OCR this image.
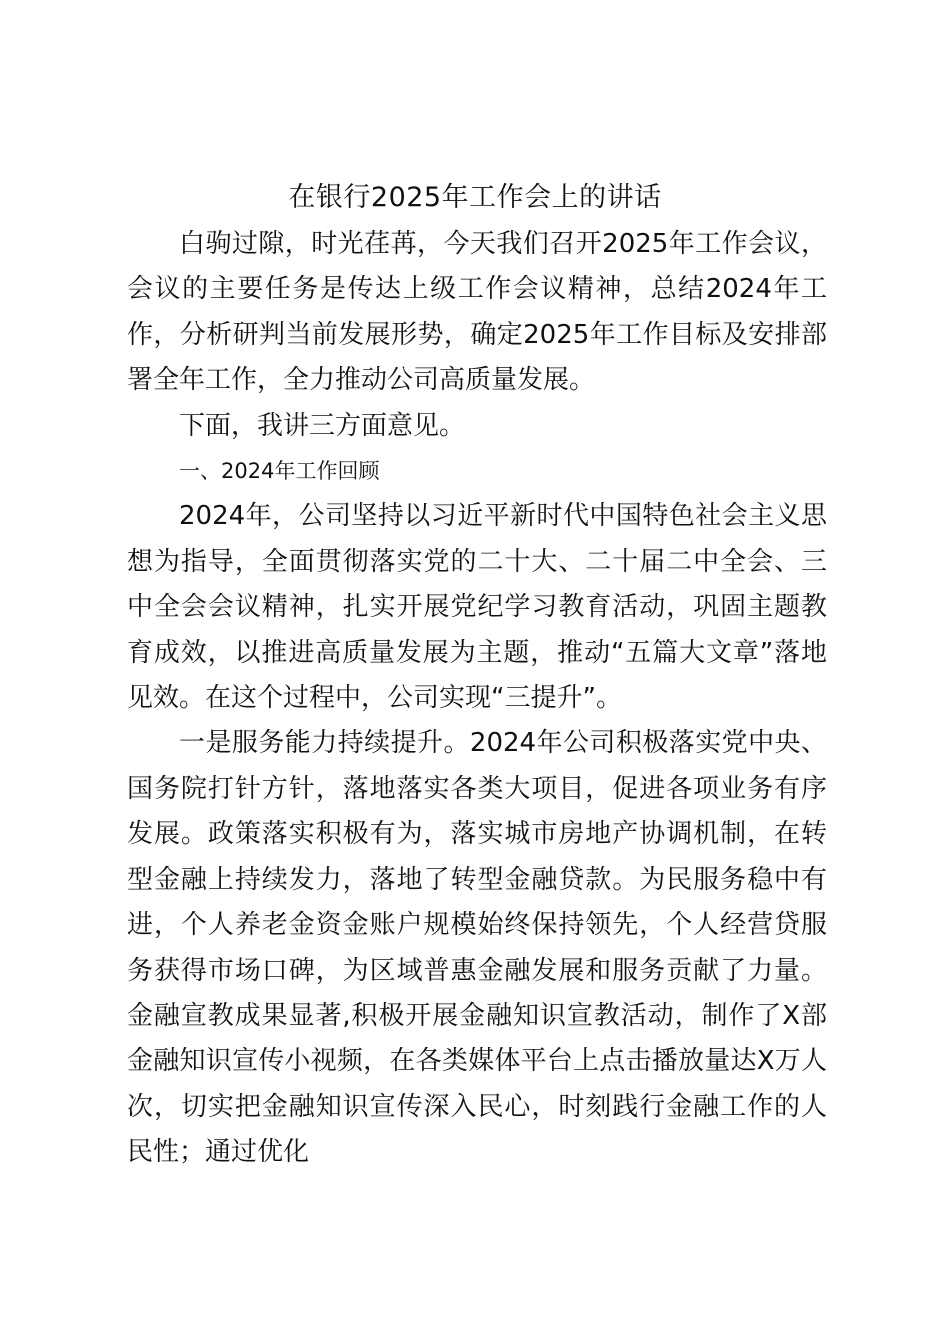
在银行2025年工作会上的讲话

白驹过隙，时光荏苒，今天我们召开2025年工作会议，会议的主要任务是传达上级工作会议精神，总结2024年工作，分析研判当前发展形势，确定2025年工作目标及安排部署全年工作，全力推动公司高质量发展。

下面，我讲三方面意见。

一、2024年工作回顾

2024年，公司坚持以习近平新时代中国特色社会主义思想为指导，全面贯彻落实党的二十大、二十届二中全会、三中全会会议精神，扎实开展党纪学习教育活动，巩固主题教育成效，以推进高质量发展为主题，推动“五篇大文章”落地见效。在这个过程中，公司实现“三提升”。

一是服务能力持续提升。2024年公司积极落实党中央、国务院打针方针，落地落实各类大项目，促进各项业务有序发展。政策落实积极有为，落实城市房地产协调机制，在转型金融上持续发力，落地了转型金融贷款。为民服务稳中有进，个人养老金资金账户规模始终保持领先，个人经营贷服务获得市场口碑，为区域普惠金融发展和服务贡献了力量。金融宣教成果显著,积极开展金融知识宣教活动，制作了X部金融知识宣传小视频，在各类媒体平台上点击播放量达X万人次，切实把金融知识宣传深入民心，时刻践行金融工作的人民性；通过优化
